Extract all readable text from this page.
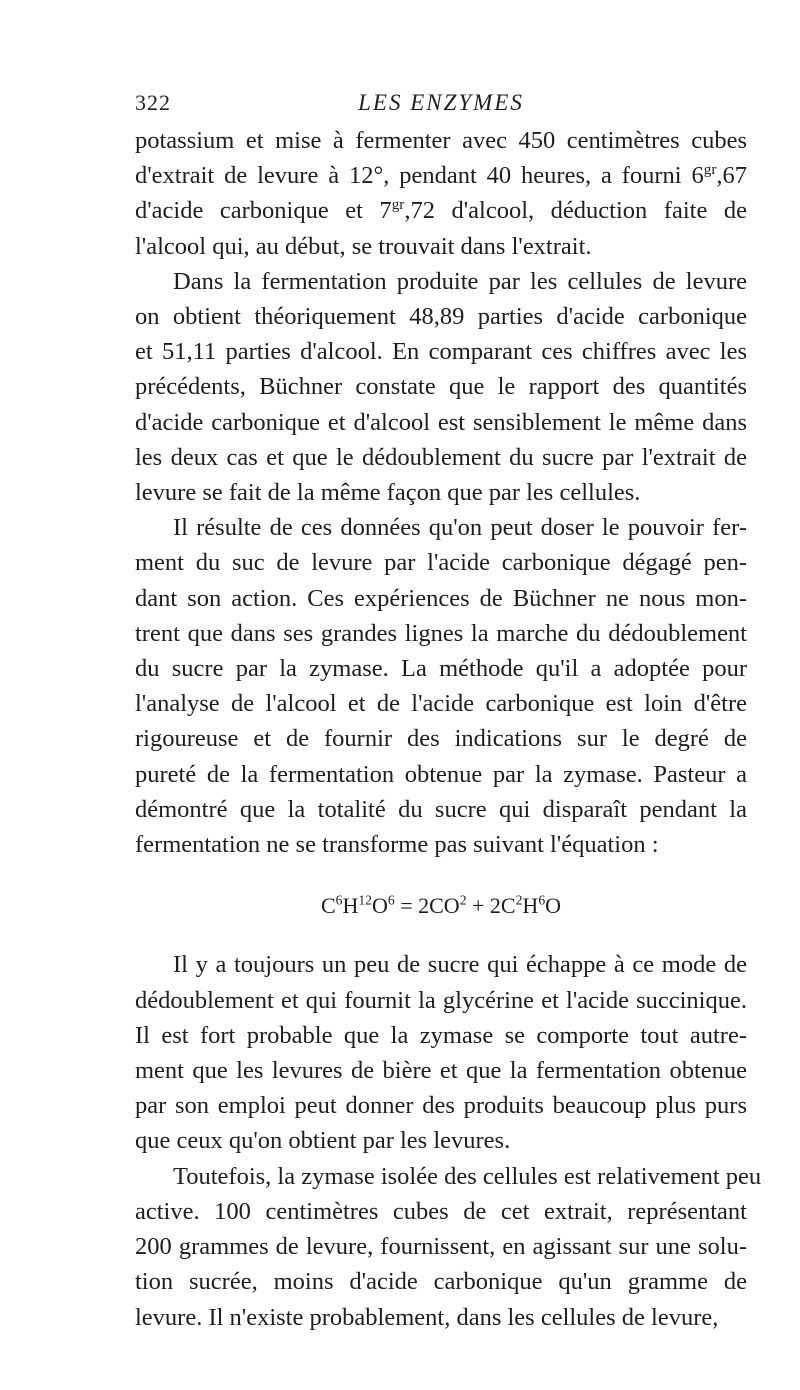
322	LES ENZYMES
potassium et mise à fermenter avec 450 centimètres cubes
d'extrait de levure à 12°, pendant 40 heures, a fourni $6^{gr},67$
d'acide carbonique et $7^{gr},72$ d'alcool, déduction faite de
l'alcool qui, au début, se trouvait dans l'extrait.
Dans la fermentation produite par les cellules de levure
on obtient théoriquement 48,89 parties d'acide carbonique
et 51,11 parties d'alcool. En comparant ces chiffres avec les
précédents, Büchner constate que le rapport des quantités
d'acide carbonique et d'alcool est sensiblement le même dans
les deux cas et que le dédoublement du sucre par l'extrait de
levure se fait de la même façon que par les cellules.
Il résulte de ces données qu'on peut doser le pouvoir fer-
ment du suc de levure par l'acide carbonique dégagé pen-
dant son action. Ces expériences de Büchner ne nous mon-
trent que dans ses grandes lignes la marche du dédoublement
du sucre par la zymase. La méthode qu'il a adoptée pour
l'analyse de l'alcool et de l'acide carbonique est loin d'être
rigoureuse et de fournir des indications sur le degré de
pureté de la fermentation obtenue par la zymase. Pasteur a
démontré que la totalité du sucre qui disparaît pendant la
fermentation ne se transforme pas suivant l'équation :
$C^6H^{12}O^6 = 2CO^2 + 2C^2H^6O$
Il y a toujours un peu de sucre qui échappe à ce mode de
dédoublement et qui fournit la glycérine et l'acide succinique.
Il est fort probable que la zymase se comporte tout autre-
ment que les levures de bière et que la fermentation obtenue
par son emploi peut donner des produits beaucoup plus purs
que ceux qu'on obtient par les levures.
Toutefois, la zymase isolée des cellules est relativement peu
active. 100 centimètres cubes de cet extrait, représentant
200 grammes de levure, fournissent, en agissant sur une solu-
tion sucrée, moins d'acide carbonique qu'un gramme de
levure. Il n'existe probablement, dans les cellules de levure,
